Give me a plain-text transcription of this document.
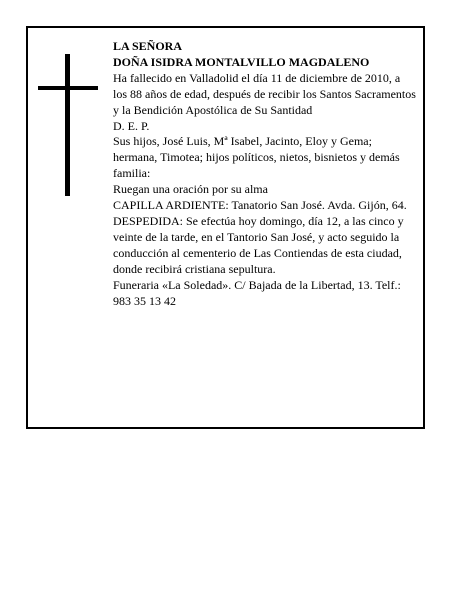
LA SEÑORA

DOÑA ISIDRA MONTALVILLO MAGDALENO

Ha fallecido en Valladolid el día 11 de diciembre de 2010, a los 88 años de edad, después de recibir los Santos Sacramentos y la Bendición Apostólica de Su Santidad

D. E. P.

Sus hijos, José Luis, Mª Isabel, Jacinto, Eloy y Gema; hermana, Timotea; hijos políticos, nietos, bisnietos y demás familia:

Ruegan una oración por su alma

CAPILLA ARDIENTE: Tanatorio San José. Avda. Gijón, 64.

DESPEDIDA: Se efectúa hoy domingo, día 12, a las cinco y veinte de la tarde, en el Tantorio San José, y acto seguido la conducción al cementerio de Las Contiendas de esta ciudad, donde recibirá cristiana sepultura.

Funeraria «La Soledad». C/ Bajada de la Libertad, 13. Telf.: 983 35 13 42
